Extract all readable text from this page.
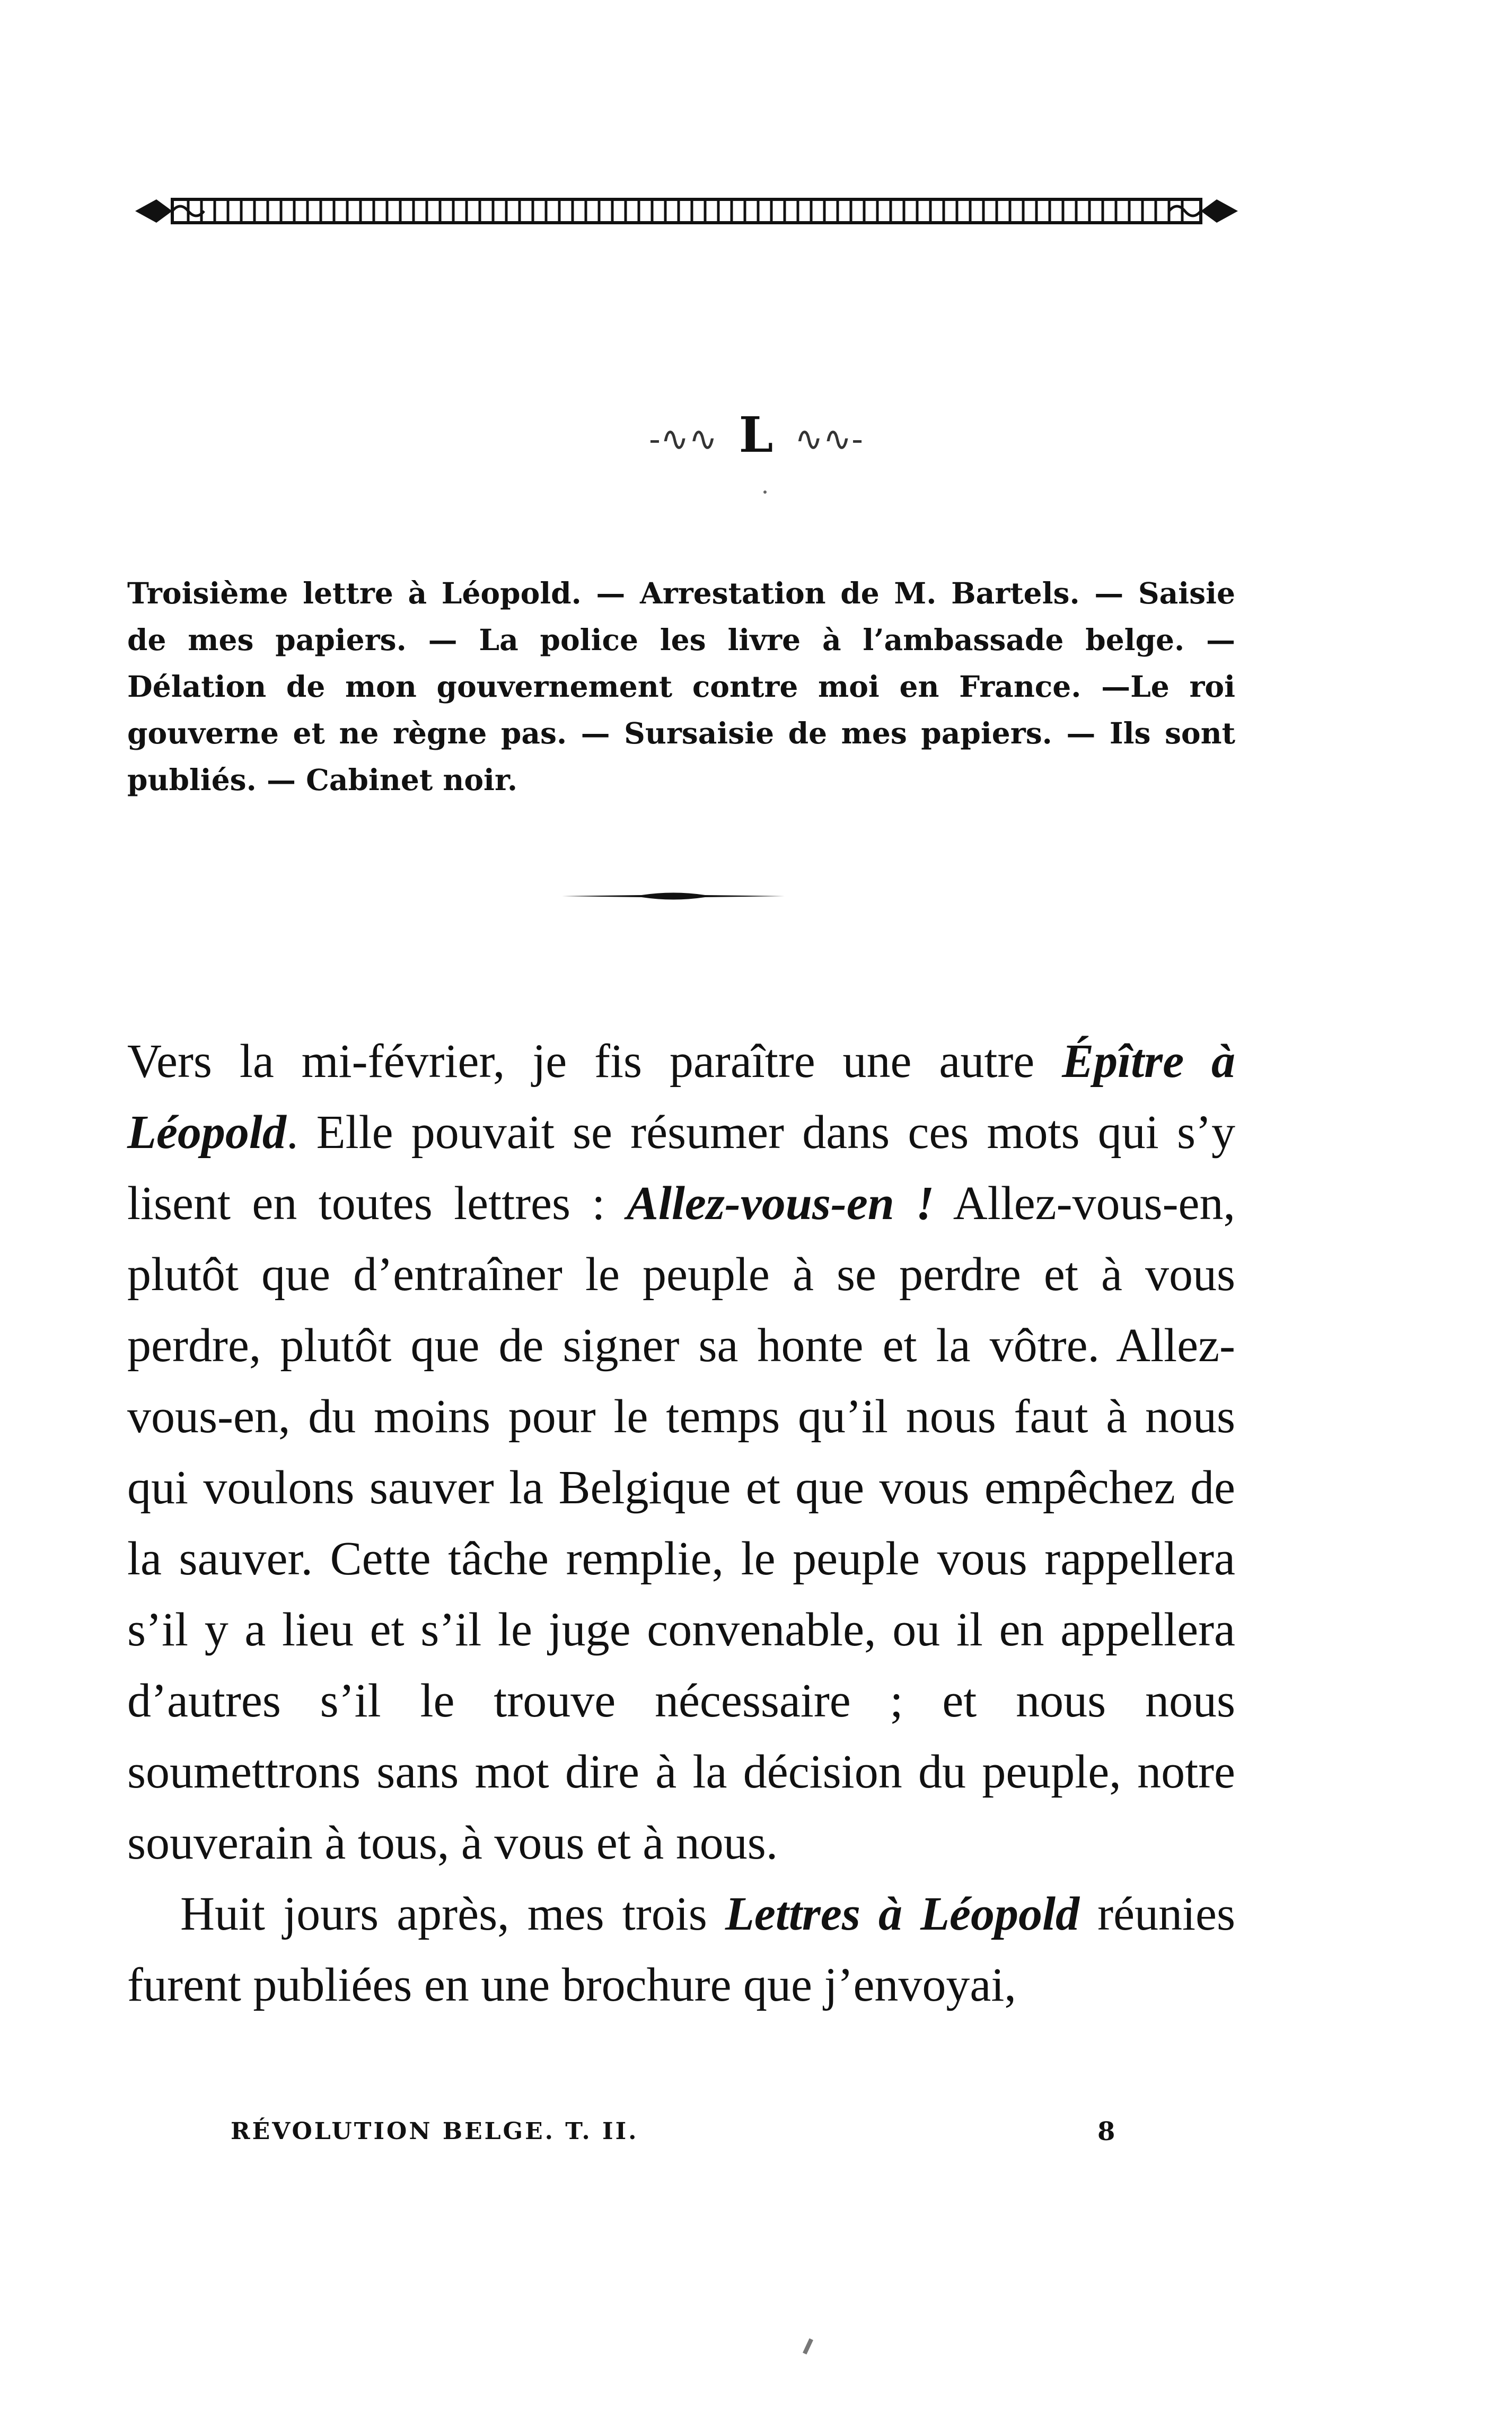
-∿∿  L  ∿∿-
Troisième lettre à Léopold. — Arrestation de M. Bartels. — Saisie de mes papiers. — La police les livre à l’ambassade belge. — Délation de mon gouvernement contre moi en France. —Le roi gouverne et ne règne pas. — Sursaisie de mes papiers. — Ils sont publiés. — Cabinet noir.

Vers la mi-février, je fis paraître une autre Épître à Léopold. Elle pouvait se résumer dans ces mots qui s’y lisent en toutes lettres : Allez-vous-en ! Allez-vous-en, plutôt que d’entraîner le peuple à se perdre et à vous perdre, plutôt que de signer sa honte et la vôtre. Allez-vous-en, du moins pour le temps qu’il nous faut à nous qui voulons sauver la Belgique et que vous empêchez de la sauver. Cette tâche remplie, le peuple vous rappellera s’il y a lieu et s’il le juge convenable, ou il en appellera d’autres s’il le trouve nécessaire ; et nous nous soumettrons sans mot dire à la décision du peuple, notre souverain à tous, à vous et à nous.

Huit jours après, mes trois Lettres à Léopold réunies furent publiées en une brochure que j’envoyai,

RÉVOLUTION BELGE. T. II.	8
